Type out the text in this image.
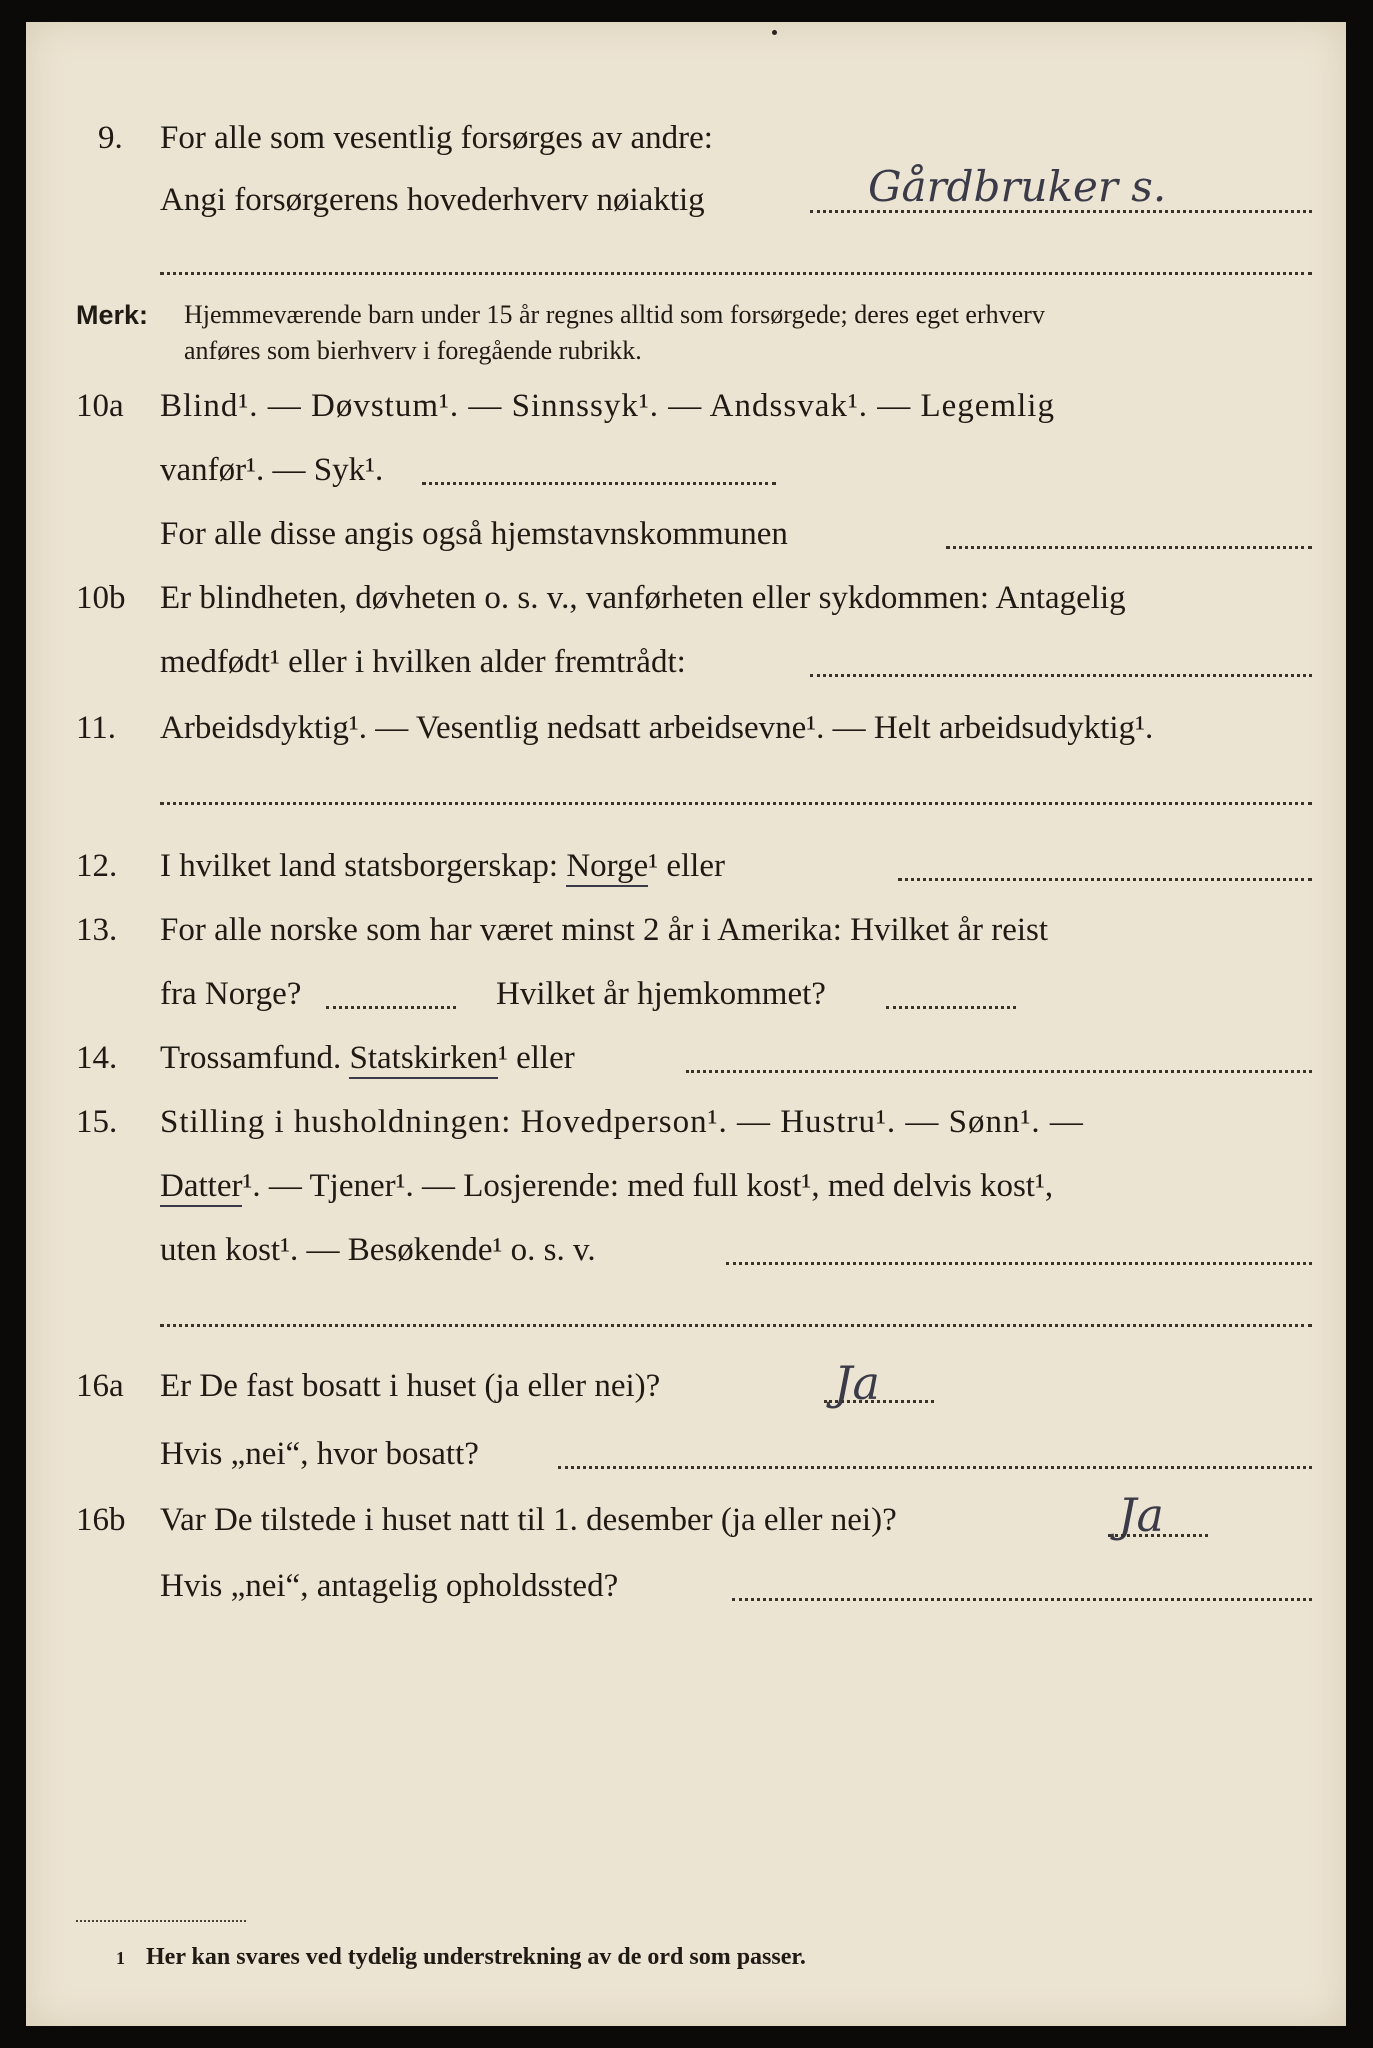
9. For alle som vesentlig forsørges av andre:
Angi forsørgerens hovederhverv nøiaktig	Gårdbruker s.
Merk: Hjemmeværende barn under 15 år regnes alltid som forsørgede; deres eget erhverv
anføres som bierhverv i foregående rubrikk.
10a Blind¹. — Døvstum¹. — Sinnssyk¹. — Andssvak¹. — Legemlig
vanfør¹. — Syk¹.
For alle disse angis også hjemstavnskommunen
10b Er blindheten, døvheten o. s. v., vanførheten eller sykdommen: Antagelig
medfødt¹ eller i hvilken alder fremtrådt:
11. Arbeidsdyktig¹. — Vesentlig nedsatt arbeidsevne¹. — Helt arbeidsudyktig¹.
12. I hvilket land statsborgerskap: Norge¹ eller
13. For alle norske som har været minst 2 år i Amerika: Hvilket år reist
fra Norge?	Hvilket år hjemkommet?
14. Trossamfund. Statskirken¹ eller
15. Stilling i husholdningen: Hovedperson¹. — Hustru¹. — Sønn¹. —
Datter¹. — Tjener¹. — Losjerende: med full kost¹, med delvis kost¹,
uten kost¹. — Besøkende¹ o. s. v.
16a Er De fast bosatt i huset (ja eller nei)?	Ja
Hvis „nei“, hvor bosatt?
16b Var De tilstede i huset natt til 1. desember (ja eller nei)?	Ja
Hvis „nei“, antagelig opholdssted?
1 Her kan svares ved tydelig understrekning av de ord som passer.
